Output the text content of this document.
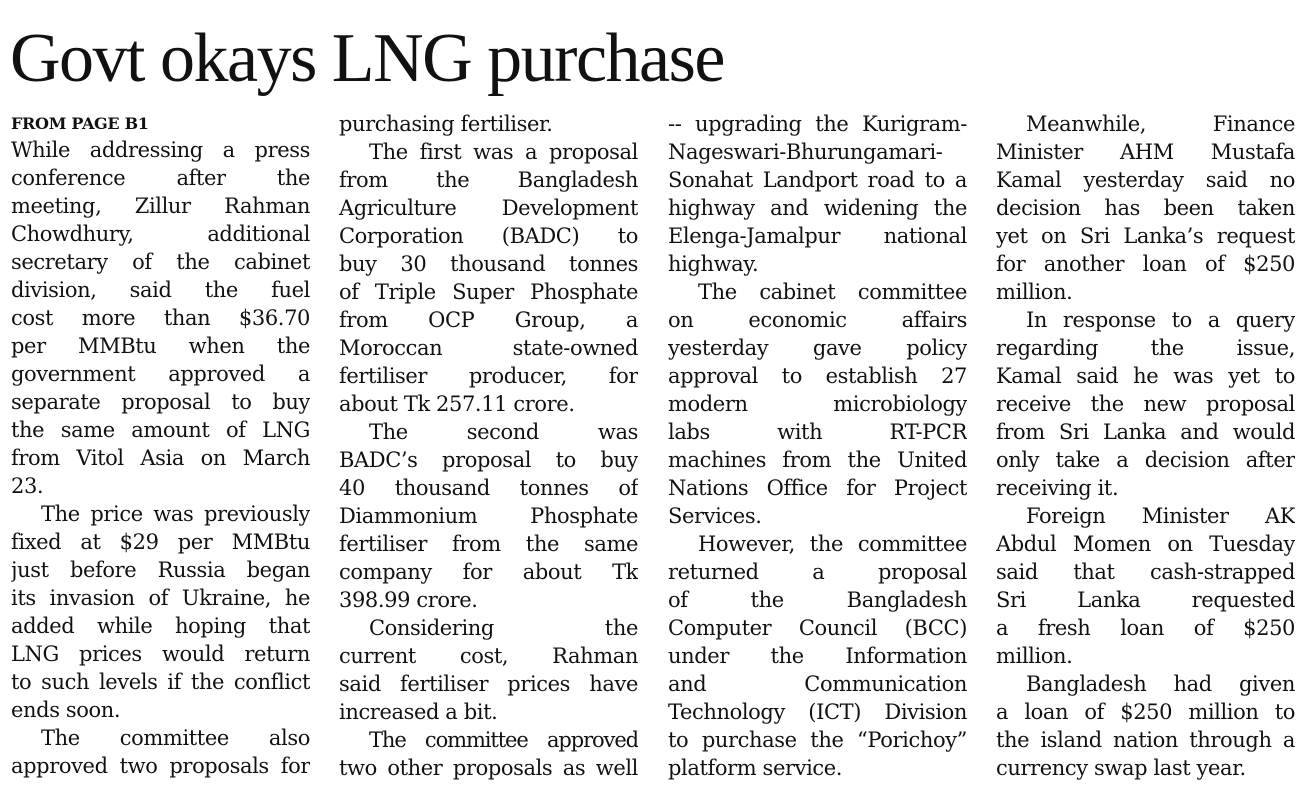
Govt okays LNG purchase
FROM PAGE B1
While addressing a press
conference after the
meeting, Zillur Rahman
Chowdhury, additional
secretary of the cabinet
division, said the fuel
cost more than $36.70
per MMBtu when the
government approved a
separate proposal to buy
the same amount of LNG
from Vitol Asia on March
23.
The price was previously
fixed at $29 per MMBtu
just before Russia began
its invasion of Ukraine, he
added while hoping that
LNG prices would return
to such levels if the conflict
ends soon.
The committee also
approved two proposals for
purchasing fertiliser.
The first was a proposal
from the Bangladesh
Agriculture Development
Corporation (BADC) to
buy 30 thousand tonnes
of Triple Super Phosphate
from OCP Group, a
Moroccan state-owned
fertiliser producer, for
about Tk 257.11 crore.
The second was
BADC’s proposal to buy
40 thousand tonnes of
Diammonium Phosphate
fertiliser from the same
company for about Tk
398.99 crore.
Considering the
current cost, Rahman
said fertiliser prices have
increased a bit.
The committee approved
two other proposals as well
-- upgrading the Kurigram-
Nageswari-Bhurungamari-
Sonahat Landport road to a
highway and widening the
Elenga-Jamalpur national
highway.
The cabinet committee
on economic affairs
yesterday gave policy
approval to establish 27
modern microbiology
labs with RT-PCR
machines from the United
Nations Office for Project
Services.
However, the committee
returned a proposal
of the Bangladesh
Computer Council (BCC)
under the Information
and Communication
Technology (ICT) Division
to purchase the “Porichoy”
platform service.
Meanwhile, Finance
Minister AHM Mustafa
Kamal yesterday said no
decision has been taken
yet on Sri Lanka’s request
for another loan of $250
million.
In response to a query
regarding the issue,
Kamal said he was yet to
receive the new proposal
from Sri Lanka and would
only take a decision after
receiving it.
Foreign Minister AK
Abdul Momen on Tuesday
said that cash-strapped
Sri Lanka requested
a fresh loan of $250
million.
Bangladesh had given
a loan of $250 million to
the island nation through a
currency swap last year.
